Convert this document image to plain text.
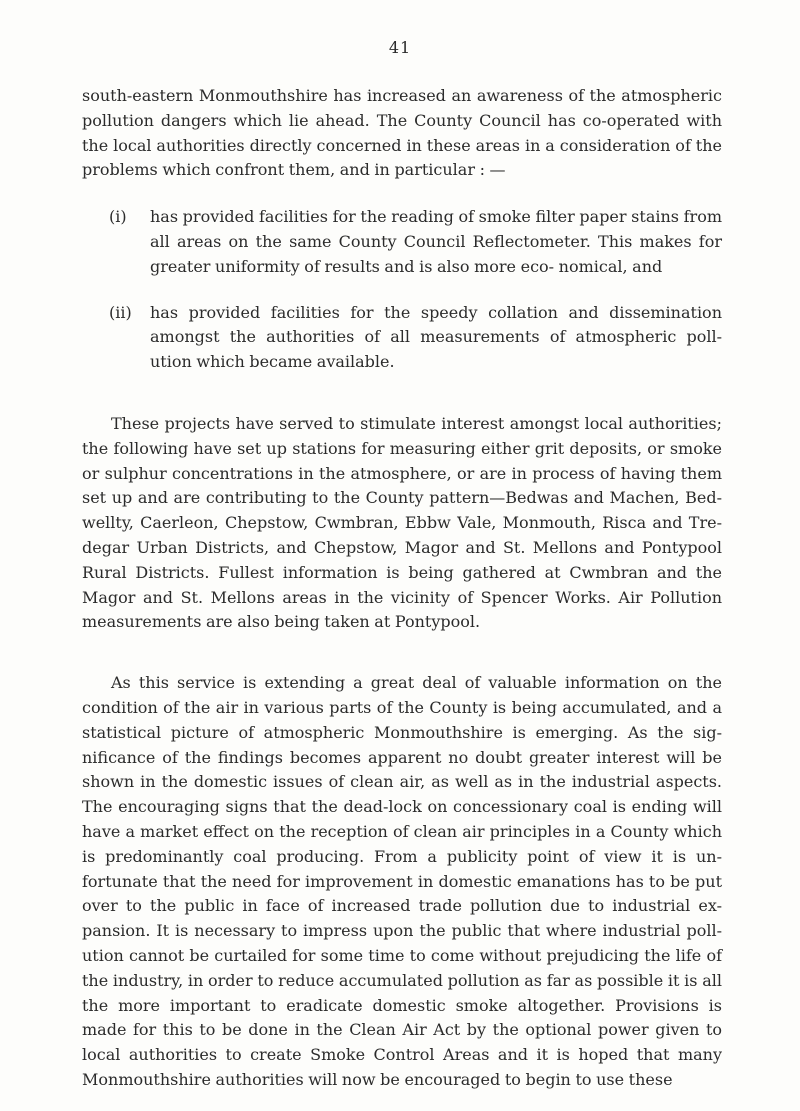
41

south-eastern Monmouthshire has increased an awareness of the atmospheric pollution dangers which lie ahead. The County Council has co-operated with the local authorities directly concerned in these areas in a consideration of the problems which confront them, and in particular : —

(i)	has provided facilities for the reading of smoke filter paper stains from all areas on the same County Council Reflectometer. This makes for greater uniformity of results and is also more eco- nomical, and

(ii)	has provided facilities for the speedy collation and dissemination amongst the authorities of all measurements of atmospheric poll- ution which became available.

These projects have served to stimulate interest amongst local authorities; the following have set up stations for measuring either grit deposits, or smoke or sulphur concentrations in the atmosphere, or are in process of having them set up and are contributing to the County pattern—Bedwas and Machen, Bed- wellty, Caerleon, Chepstow, Cwmbran, Ebbw Vale, Monmouth, Risca and Tre- degar Urban Districts, and Chepstow, Magor and St. Mellons and Pontypool Rural Districts. Fullest information is being gathered at Cwmbran and the Magor and St. Mellons areas in the vicinity of Spencer Works. Air Pollution measurements are also being taken at Pontypool.

As this service is extending a great deal of valuable information on the condition of the air in various parts of the County is being accumulated, and a statistical picture of atmospheric Monmouthshire is emerging. As the sig- nificance of the findings becomes apparent no doubt greater interest will be shown in the domestic issues of clean air, as well as in the industrial aspects. The encouraging signs that the dead-lock on concessionary coal is ending will have a market effect on the reception of clean air principles in a County which is predominantly coal producing. From a publicity point of view it is un- fortunate that the need for improvement in domestic emanations has to be put over to the public in face of increased trade pollution due to industrial ex- pansion. It is necessary to impress upon the public that where industrial poll- ution cannot be curtailed for some time to come without prejudicing the life of the industry, in order to reduce accumulated pollution as far as possible it is all the more important to eradicate domestic smoke altogether. Provisions is made for this to be done in the Clean Air Act by the optional power given to local authorities to create Smoke Control Areas and it is hoped that many Monmouthshire authorities will now be encouraged to begin to use these
